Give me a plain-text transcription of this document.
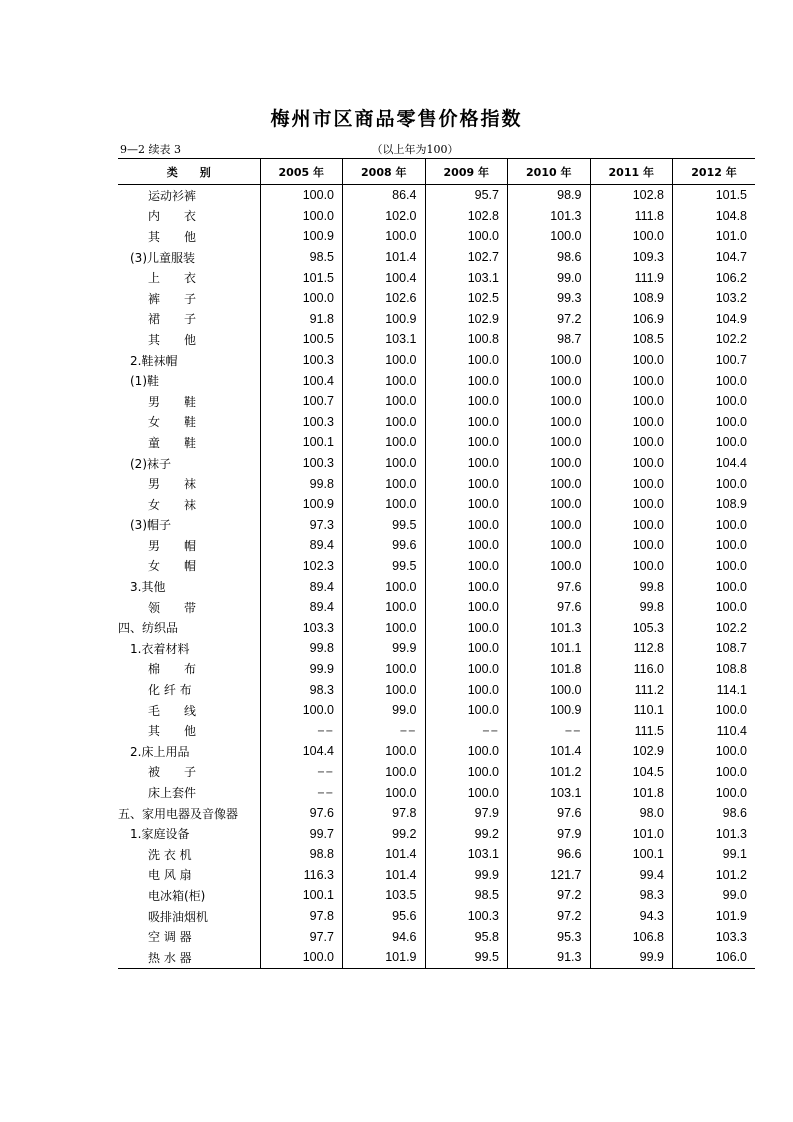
梅州市区商品零售价格指数
9—2 续表 3	（以上年为100）
类　　别	2005 年	2008 年	2009 年	2010 年	2011 年	2012 年
运动衫裤	100.0	86.4	95.7	98.9	102.8	101.5
内　　衣	100.0	102.0	102.8	101.3	111.8	104.8
其　　他	100.9	100.0	100.0	100.0	100.0	101.0
(3)儿童服装	98.5	101.4	102.7	98.6	109.3	104.7
上　　衣	101.5	100.4	103.1	99.0	111.9	106.2
裤　　子	100.0	102.6	102.5	99.3	108.9	103.2
裙　　子	91.8	100.9	102.9	97.2	106.9	104.9
其　　他	100.5	103.1	100.8	98.7	108.5	102.2
2.鞋袜帽	100.3	100.0	100.0	100.0	100.0	100.7
(1)鞋	100.4	100.0	100.0	100.0	100.0	100.0
男　　鞋	100.7	100.0	100.0	100.0	100.0	100.0
女　　鞋	100.3	100.0	100.0	100.0	100.0	100.0
童　　鞋	100.1	100.0	100.0	100.0	100.0	100.0
(2)袜子	100.3	100.0	100.0	100.0	100.0	104.4
男　　袜	99.8	100.0	100.0	100.0	100.0	100.0
女　　袜	100.9	100.0	100.0	100.0	100.0	108.9
(3)帽子	97.3	99.5	100.0	100.0	100.0	100.0
男　　帽	89.4	99.6	100.0	100.0	100.0	100.0
女　　帽	102.3	99.5	100.0	100.0	100.0	100.0
3.其他	89.4	100.0	100.0	97.6	99.8	100.0
领　　带	89.4	100.0	100.0	97.6	99.8	100.0
四、纺织品	103.3	100.0	100.0	101.3	105.3	102.2
1.衣着材料	99.8	99.9	100.0	101.1	112.8	108.7
棉　　布	99.9	100.0	100.0	101.8	116.0	108.8
化 纤 布	98.3	100.0	100.0	100.0	111.2	114.1
毛　　线	100.0	99.0	100.0	100.9	110.1	100.0
其　　他	−−	−−	−−	−−	111.5	110.4
2.床上用品	104.4	100.0	100.0	101.4	102.9	100.0
被　　子	−−	100.0	100.0	101.2	104.5	100.0
床上套件	−−	100.0	100.0	103.1	101.8	100.0
五、家用电器及音像器	97.6	97.8	97.9	97.6	98.0	98.6
1.家庭设备	99.7	99.2	99.2	97.9	101.0	101.3
洗 衣 机	98.8	101.4	103.1	96.6	100.1	99.1
电 风 扇	116.3	101.4	99.9	121.7	99.4	101.2
电冰箱(柜)	100.1	103.5	98.5	97.2	98.3	99.0
吸排油烟机	97.8	95.6	100.3	97.2	94.3	101.9
空 调 器	97.7	94.6	95.8	95.3	106.8	103.3
热 水 器	100.0	101.9	99.5	91.3	99.9	106.0
